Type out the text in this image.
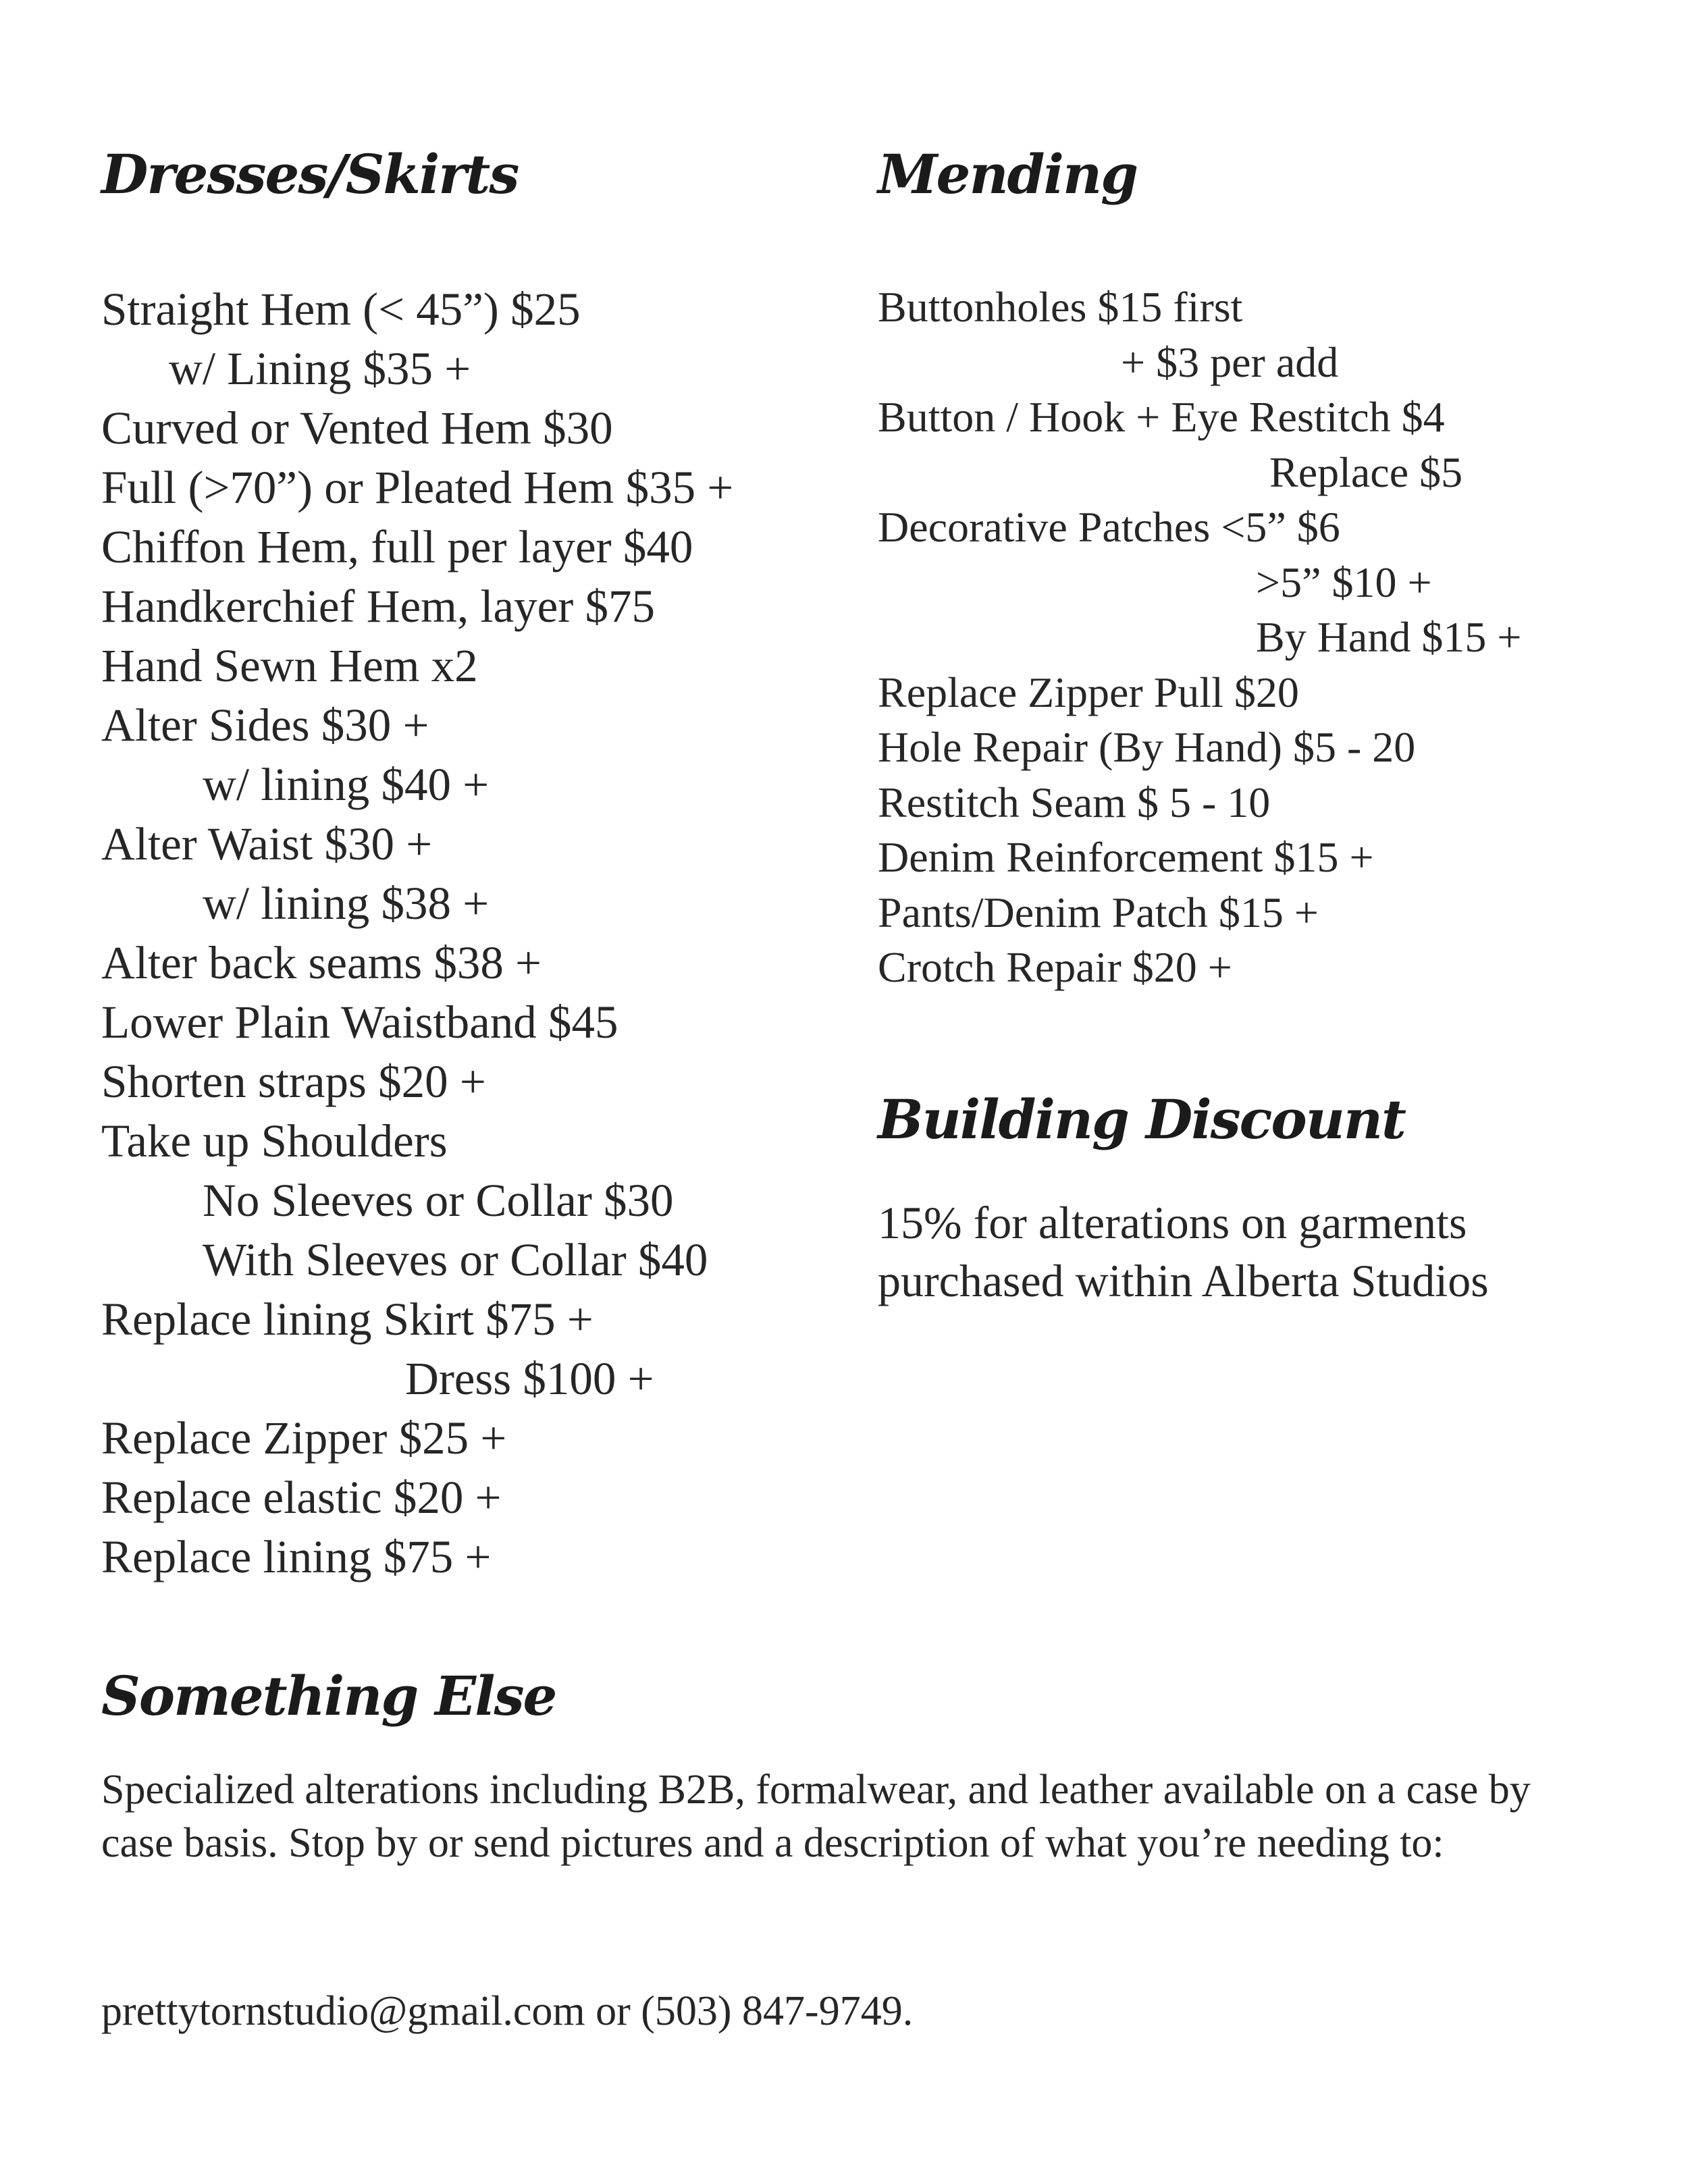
Dresses/Skirts
Straight Hem (< 45”) $25
w/ Lining $35 +
Curved or Vented Hem $30
Full (>70”) or Pleated Hem $35 +
Chiffon Hem, full per layer $40
Handkerchief Hem, layer $75
Hand Sewn Hem x2
Alter Sides $30 +
w/ lining $40 +
Alter Waist $30 +
w/ lining $38 +
Alter back seams $38 +
Lower Plain Waistband $45
Shorten straps $20 +
Take up Shoulders
No Sleeves or Collar $30
With Sleeves or Collar $40
Replace lining Skirt $75 +
Dress $100 +
Replace Zipper $25 +
Replace elastic $20 +
Replace lining $75 +
Mending
Buttonholes $15 first
+ $3 per add
Button / Hook + Eye Restitch $4
Replace $5
Decorative Patches <5” $6
>5” $10 +
By Hand $15 +
Replace Zipper Pull $20
Hole Repair (By Hand) $5 - 20
Restitch Seam $ 5 - 10
Denim Reinforcement $15 +
Pants/Denim Patch $15 +
Crotch Repair $20 +
Building Discount

15% for alterations on garments
purchased within Alberta Studios

Something Else

Specialized alterations including B2B, formalwear, and leather available on a case by case basis. Stop by or send pictures and a description of what you’re needing to:

prettytornstudio@gmail.com or (503) 847-9749.
